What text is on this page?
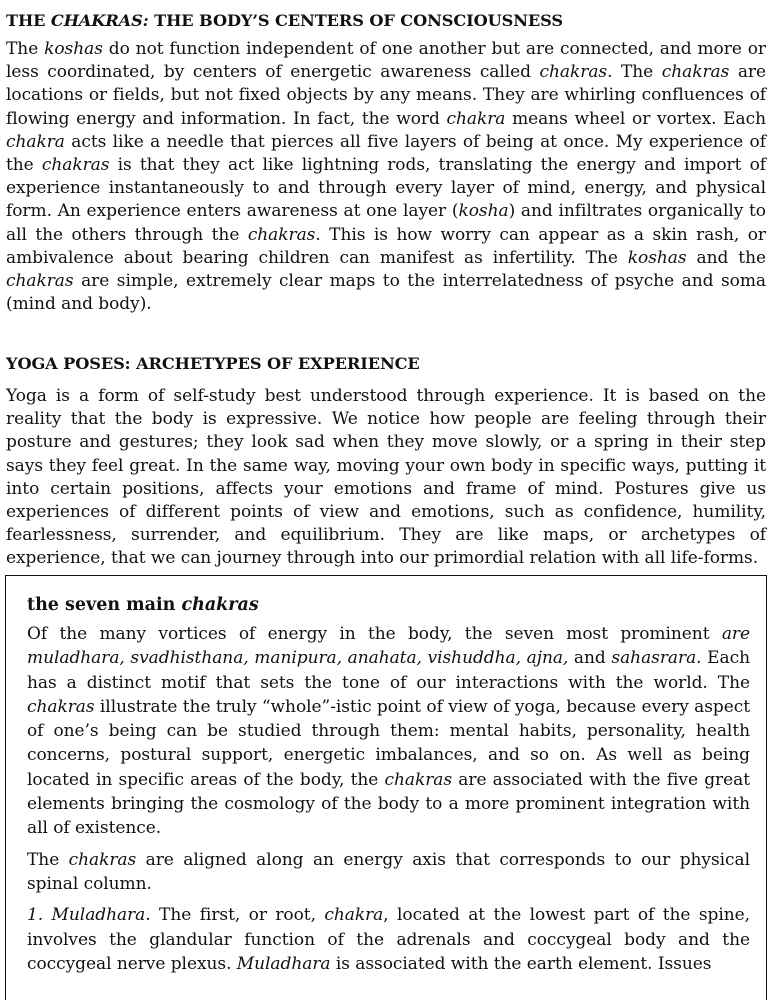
THE CHAKRAS: THE BODY’S CENTERS OF CONSCIOUSNESS

The koshas do not function independent of one another but are connected, and more or less coordinated, by centers of energetic awareness called chakras. The chakras are locations or fields, but not fixed objects by any means. They are whirling confluences of flowing energy and information. In fact, the word chakra means wheel or vortex. Each chakra acts like a needle that pierces all five layers of being at once. My experience of the chakras is that they act like lightning rods, translating the energy and import of experience instantaneously to and through every layer of mind, energy, and physical form. An experience enters awareness at one layer (kosha) and infiltrates organically to all the others through the chakras. This is how worry can appear as a skin rash, or ambivalence about bearing children can manifest as infertility. The koshas and the chakras are simple, extremely clear maps to the interrelatedness of psyche and soma (mind and body).

YOGA POSES: ARCHETYPES OF EXPERIENCE

Yoga is a form of self-study best understood through experience. It is based on the reality that the body is expressive. We notice how people are feeling through their posture and gestures; they look sad when they move slowly, or a spring in their step says they feel great. In the same way, moving your own body in specific ways, putting it into certain positions, affects your emotions and frame of mind. Postures give us experiences of different points of view and emotions, such as confidence, humility, fearlessness, surrender, and equilibrium. They are like maps, or archetypes of experience, that we can journey through into our primordial relation with all life-forms.

the seven main chakras

Of the many vortices of energy in the body, the seven most prominent are muladhara, svadhisthana, manipura, anahata, vishuddha, ajna, and sahasrara. Each has a distinct motif that sets the tone of our interactions with the world. The chakras illustrate the truly “whole”-istic point of view of yoga, because every aspect of one’s being can be studied through them: mental habits, personality, health concerns, postural support, energetic imbalances, and so on. As well as being located in specific areas of the body, the chakras are associated with the five great elements bringing the cosmology of the body to a more prominent integration with all of existence.

The chakras are aligned along an energy axis that corresponds to our physical spinal column.

1. Muladhara. The first, or root, chakra, located at the lowest part of the spine, involves the glandular function of the adrenals and coccygeal body and the coccygeal nerve plexus. Muladhara is associated with the earth element. Issues
